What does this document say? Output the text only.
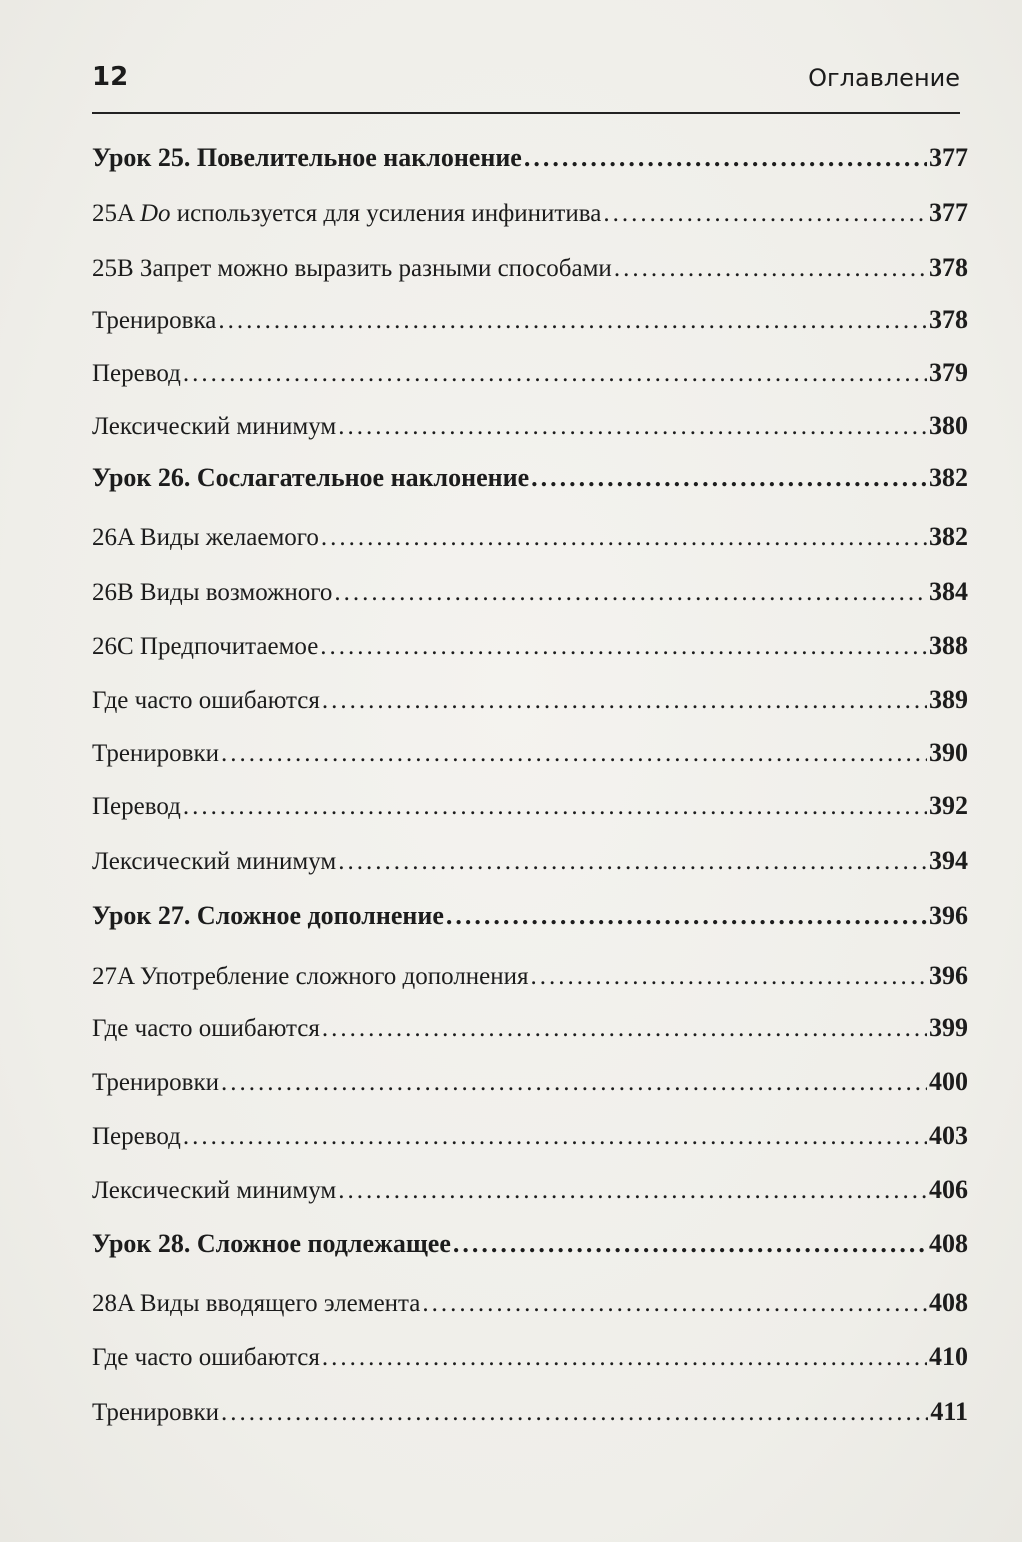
12	Оглавление
Урок 25. Повелительное наклонение .....	377
25A Do используется для усиления инфинитива .....	377
25B Запрет можно выразить разными способами .....	378
Тренировка .....	378
Перевод .....	379
Лексический минимум .....	380
Урок 26. Сослагательное наклонение .....	382
26A Виды желаемого .....	382
26B Виды возможного .....	384
26C Предпочитаемое .....	388
Где часто ошибаются .....	389
Тренировки .....	390
Перевод .....	392
Лексический минимум .....	394
Урок 27. Сложное дополнение .....	396
27A Употребление сложного дополнения .....	396
Где часто ошибаются .....	399
Тренировки .....	400
Перевод .....	403
Лексический минимум .....	406
Урок 28. Сложное подлежащее .....	408
28A Виды вводящего элемента .....	408
Где часто ошибаются .....	410
Тренировки .....	411
